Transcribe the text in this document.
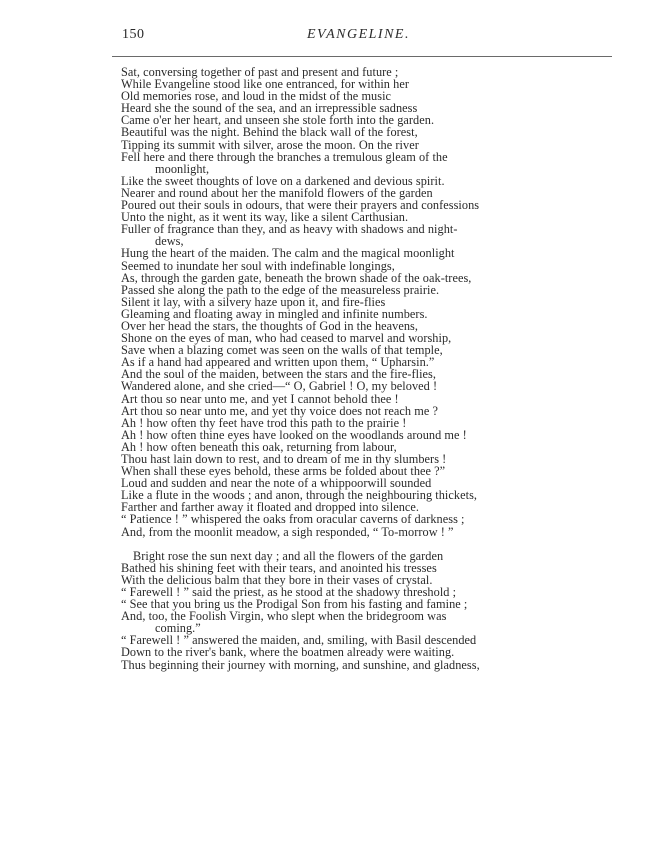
150	EVANGELINE.
Sat, conversing together of past and present and future ;
While Evangeline stood like one entranced, for within her
Old memories rose, and loud in the midst of the music
Heard she the sound of the sea, and an irrepressible sadness
Came o'er her heart, and unseen she stole forth into the garden.
Beautiful was the night. Behind the black wall of the forest,
Tipping its summit with silver, arose the moon. On the river
Fell here and there through the branches a tremulous gleam of the
moonlight,
Like the sweet thoughts of love on a darkened and devious spirit.
Nearer and round about her the manifold flowers of the garden
Poured out their souls in odours, that were their prayers and confessions
Unto the night, as it went its way, like a silent Carthusian.
Fuller of fragrance than they, and as heavy with shadows and night-
dews,
Hung the heart of the maiden. The calm and the magical moonlight
Seemed to inundate her soul with indefinable longings,
As, through the garden gate, beneath the brown shade of the oak-trees,
Passed she along the path to the edge of the measureless prairie.
Silent it lay, with a silvery haze upon it, and fire-flies
Gleaming and floating away in mingled and infinite numbers.
Over her head the stars, the thoughts of God in the heavens,
Shone on the eyes of man, who had ceased to marvel and worship,
Save when a blazing comet was seen on the walls of that temple,
As if a hand had appeared and written upon them, “ Upharsin.”
And the soul of the maiden, between the stars and the fire-flies,
Wandered alone, and she cried—“ O, Gabriel ! O, my beloved !
Art thou so near unto me, and yet I cannot behold thee !
Art thou so near unto me, and yet thy voice does not reach me ?
Ah ! how often thy feet have trod this path to the prairie !
Ah ! how often thine eyes have looked on the woodlands around me !
Ah ! how often beneath this oak, returning from labour,
Thou hast lain down to rest, and to dream of me in thy slumbers !
When shall these eyes behold, these arms be folded about thee ?”
Loud and sudden and near the note of a whippoorwill sounded
Like a flute in the woods ; and anon, through the neighbouring thickets,
Farther and farther away it floated and dropped into silence.
“ Patience ! ” whispered the oaks from oracular caverns of darkness ;
And, from the moonlit meadow, a sigh responded, “ To-morrow ! ”
Bright rose the sun next day ; and all the flowers of the garden
Bathed his shining feet with their tears, and anointed his tresses
With the delicious balm that they bore in their vases of crystal.
“ Farewell ! ” said the priest, as he stood at the shadowy threshold ;
“ See that you bring us the Prodigal Son from his fasting and famine ;
And, too, the Foolish Virgin, who slept when the bridegroom was
coming.”
“ Farewell ! ” answered the maiden, and, smiling, with Basil descended
Down to the river's bank, where the boatmen already were waiting.
Thus beginning their journey with morning, and sunshine, and gladness,
